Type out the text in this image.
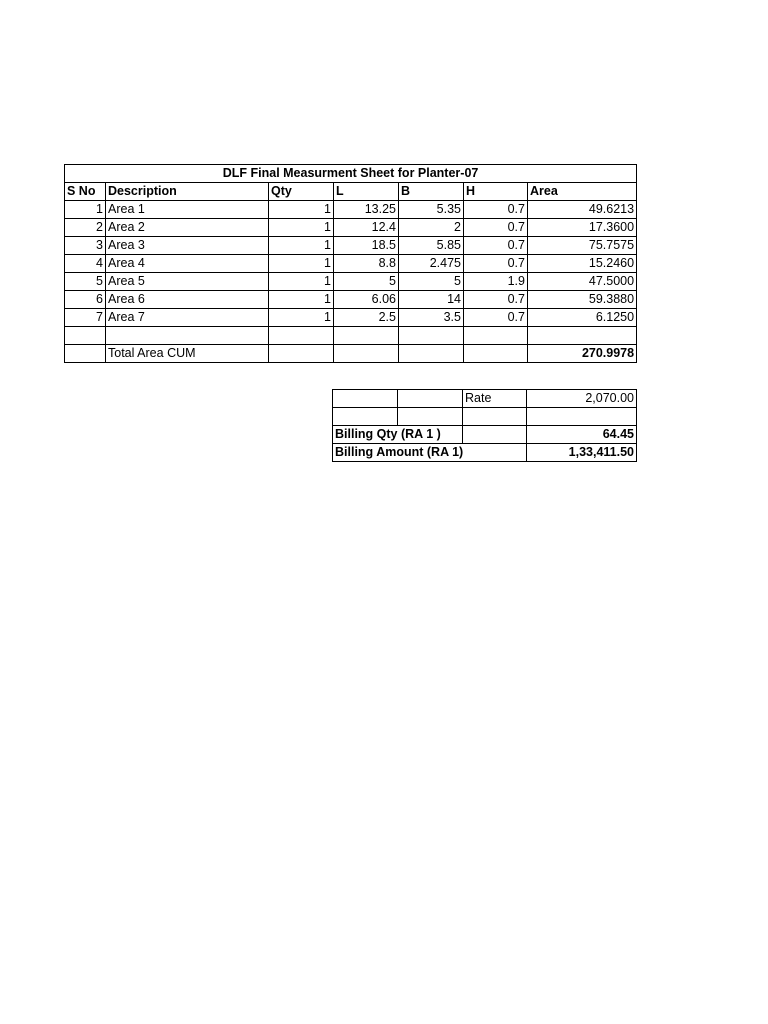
DLF Final Measurment Sheet for Planter-07						
S No	Description	Qty	L	B	H	Area
1	Area 1	1	13.25	5.35	0.7	49.6213
2	Area 2	1	12.4	2	0.7	17.3600
3	Area 3	1	18.5	5.85	0.7	75.7575
4	Area 4	1	8.8	2.475	0.7	15.2460
5	Area 5	1	5	5	1.9	47.5000
6	Area 6	1	6.06	14	0.7	59.3880
7	Area 7	1	2.5	3.5	0.7	6.1250

	Total Area CUM					270.9978
		Rate	2,070.00

Billing Qty (RA 1 )			64.45
Billing Amount (RA 1)			1,33,411.50
